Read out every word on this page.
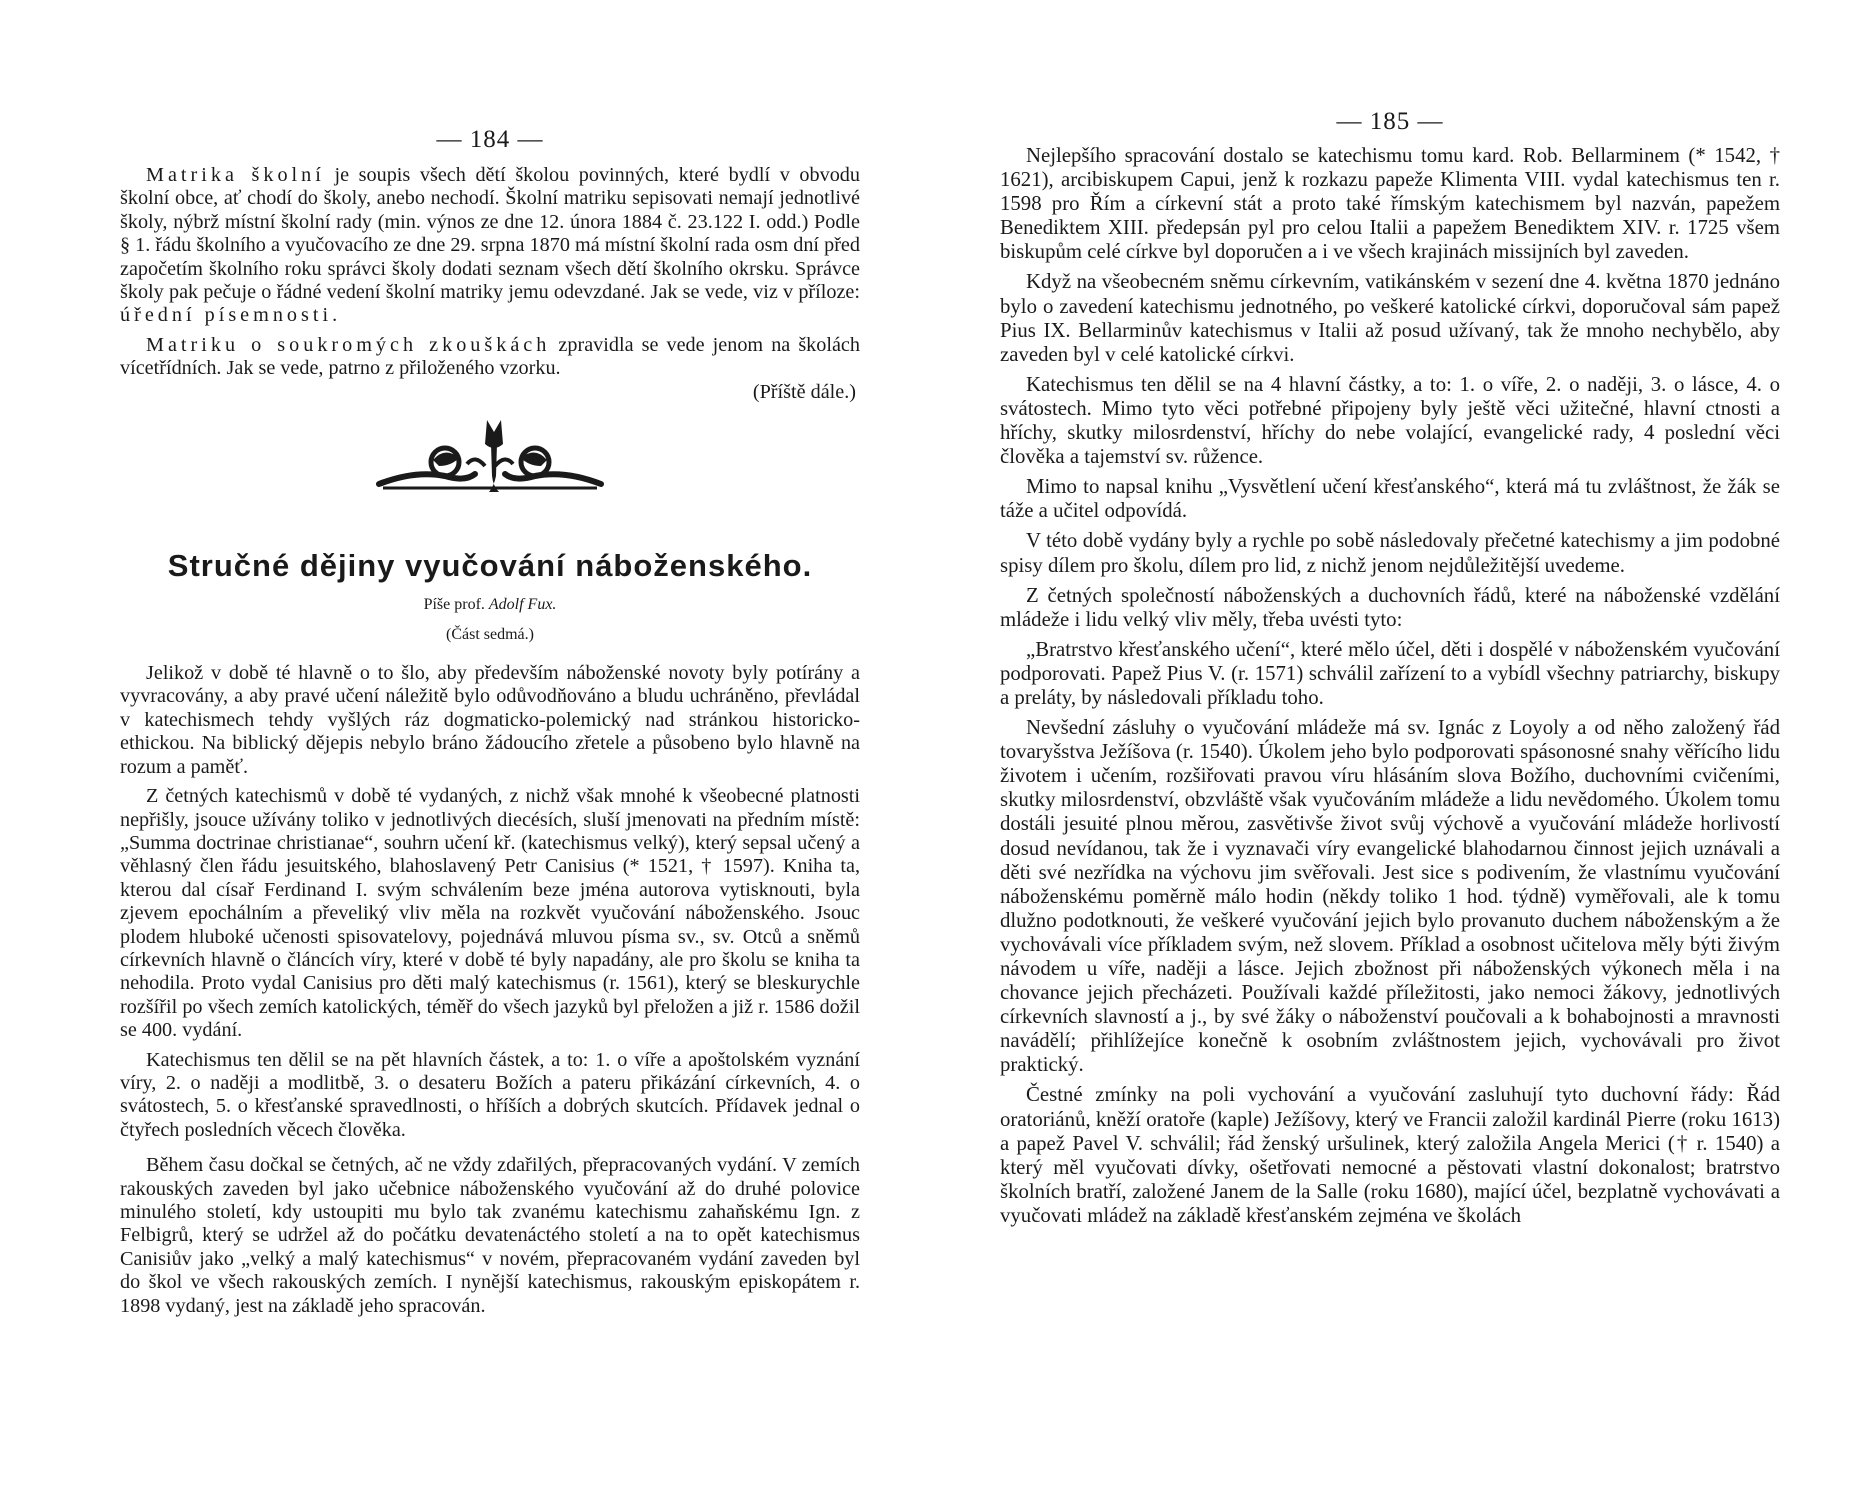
— 184 —

Matrika školní je soupis všech dětí školou povinných, které bydlí v obvodu školní obce, ať chodí do školy, anebo nechodí. Školní matriku sepisovati nemají jednotlivé školy, nýbrž místní školní rady (min. výnos ze dne 12. února 1884 č. 23.122 I. odd.) Podle § 1. řádu školního a vyučovacího ze dne 29. srpna 1870 má místní školní rada osm dní před započetím školního roku správci školy dodati seznam všech dětí školního okrsku. Správce školy pak pečuje o řádné vedení školní matriky jemu odevzdané. Jak se vede, viz v příloze: úřední písemnosti.

Matriku o soukromých zkouškách zpravidla se vede jenom na školách vícetřídních. Jak se vede, patrno z přiloženého vzorku.

(Příště dále.)
Stručné dějiny vyučování náboženského.
Píše prof. Adolf Fux.
(Část sedmá.)

Jelikož v době té hlavně o to šlo, aby především náboženské novoty byly potírány a vyvracovány, a aby pravé učení náležitě bylo odůvodňováno a bludu uchráněno, převládal v katechismech tehdy vyšlých ráz dogmaticko-polemický nad stránkou historicko-ethickou. Na biblický dějepis nebylo bráno žádoucího zřetele a působeno bylo hlavně na rozum a paměť.

Z četných katechismů v době té vydaných, z nichž však mnohé k všeobecné platnosti nepřišly, jsouce užívány toliko v jednotlivých diecésích, sluší jmenovati na předním místě: „Summa doctrinae christianae“, souhrn učení kř. (katechismus velký), který sepsal učený a věhlasný člen řádu jesuitského, blahoslavený Petr Canisius (* 1521, † 1597). Kniha ta, kterou dal císař Ferdinand I. svým schválením beze jména autorova vytisknouti, byla zjevem epochálním a převeliký vliv měla na rozkvět vyučování náboženského. Jsouc plodem hluboké učenosti spisovatelovy, pojednává mluvou písma sv., sv. Otců a sněmů církevních hlavně o článcích víry, které v době té byly napadány, ale pro školu se kniha ta nehodila. Proto vydal Canisius pro děti malý katechismus (r. 1561), který se bleskurychle rozšířil po všech zemích katolických, téměř do všech jazyků byl přeložen a již r. 1586 dožil se 400. vydání.

Katechismus ten dělil se na pět hlavních částek, a to: 1. o víře a apoštolském vyznání víry, 2. o naději a modlitbě, 3. o desateru Božích a pateru přikázání církevních, 4. o svátostech, 5. o křesťanské spravedlnosti, o hříších a dobrých skutcích. Přídavek jednal o čtyřech posledních věcech člověka.

Během času dočkal se četných, ač ne vždy zdařilých, přepracovaných vydání. V zemích rakouských zaveden byl jako učebnice náboženského vyučování až do druhé polovice minulého století, kdy ustoupiti mu bylo tak zvanému katechismu zahaňskému Ign. z Felbigrů, který se udržel až do počátku devatenáctého století a na to opět katechismus Canisiův jako „velký a malý katechismus“ v novém, přepracovaném vydání zaveden byl do škol ve všech rakouských zemích. I nynější katechismus, rakouským episkopátem r. 1898 vydaný, jest na základě jeho spracován.

— 185 —

Nejlepšího spracování dostalo se katechismu tomu kard. Rob. Bellarminem (* 1542, † 1621), arcibiskupem Capui, jenž k rozkazu papeže Klimenta VIII. vydal katechismus ten r. 1598 pro Řím a církevní stát a proto také římským katechismem byl nazván, papežem Benediktem XIII. předepsán pyl pro celou Italii a papežem Benediktem XIV. r. 1725 všem biskupům celé církve byl doporučen a i ve všech krajinách missijních byl zaveden.

Když na všeobecném sněmu církevním, vatikánském v sezení dne 4. května 1870 jednáno bylo o zavedení katechismu jednotného, po veškeré katolické církvi, doporučoval sám papež Pius IX. Bellarminův katechismus v Italii až posud užívaný, tak že mnoho nechybělo, aby zaveden byl v celé katolické církvi.

Katechismus ten dělil se na 4 hlavní částky, a to: 1. o víře, 2. o naději, 3. o lásce, 4. o svátostech. Mimo tyto věci potřebné připojeny byly ještě věci užitečné, hlavní ctnosti a hříchy, skutky milosrdenství, hříchy do nebe volající, evangelické rady, 4 poslední věci člověka a tajemství sv. růžence.

Mimo to napsal knihu „Vysvětlení učení křesťanského“, která má tu zvláštnost, že žák se táže a učitel odpovídá.

V této době vydány byly a rychle po sobě následovaly přečetné katechismy a jim podobné spisy dílem pro školu, dílem pro lid, z nichž jenom nejdůležitější uvedeme.

Z četných společností náboženských a duchovních řádů, které na náboženské vzdělání mládeže i lidu velký vliv měly, třeba uvésti tyto:

„Bratrstvo křesťanského učení“, které mělo účel, děti i dospělé v náboženském vyučování podporovati. Papež Pius V. (r. 1571) schválil zařízení to a vybídl všechny patriarchy, biskupy a preláty, by následovali příkladu toho.

Nevšední zásluhy o vyučování mládeže má sv. Ignác z Loyoly a od něho založený řád tovaryšstva Ježíšova (r. 1540). Úkolem jeho bylo podporovati spásonosné snahy věřícího lidu životem i učením, rozšiřovati pravou víru hlásáním slova Božího, duchovními cvičeními, skutky milosrdenství, obzvláště však vyučováním mládeže a lidu nevědomého. Úkolem tomu dostáli jesuité plnou měrou, zasvětivše život svůj výchově a vyučování mládeže horlivostí dosud nevídanou, tak že i vyznavači víry evangelické blahodarnou činnost jejich uznávali a děti své nezřídka na výchovu jim svěřovali. Jest sice s podivením, že vlastnímu vyučování náboženskému poměrně málo hodin (někdy toliko 1 hod. týdně) vyměřovali, ale k tomu dlužno podotknouti, že veškeré vyučování jejich bylo provanuto duchem náboženským a že vychovávali více příkladem svým, než slovem. Příklad a osobnost učitelova měly býti živým návodem u víře, naději a lásce. Jejich zbožnost při náboženských výkonech měla i na chovance jejich přecházeti. Používali každé příležitosti, jako nemoci žákovy, jednotlivých církevních slavností a j., by své žáky o náboženství poučovali a k bohabojnosti a mravnosti navádělí; přihlížejíce konečně k osobním zvláštnostem jejich, vychovávali pro život praktický.

Čestné zmínky na poli vychování a vyučování zasluhují tyto duchovní řády: Řád oratoriánů, kněží oratoře (kaple) Ježíšovy, který ve Francii založil kardinál Pierre (roku 1613) a papež Pavel V. schválil; řád ženský uršulinek, který založila Angela Merici († r. 1540) a který měl vyučovati dívky, ošetřovati nemocné a pěstovati vlastní dokonalost; bratrstvo školních bratří, založené Janem de la Salle (roku 1680), mající účel, bezplatně vychovávati a vyučovati mládež na základě křesťanském zejména ve školách
